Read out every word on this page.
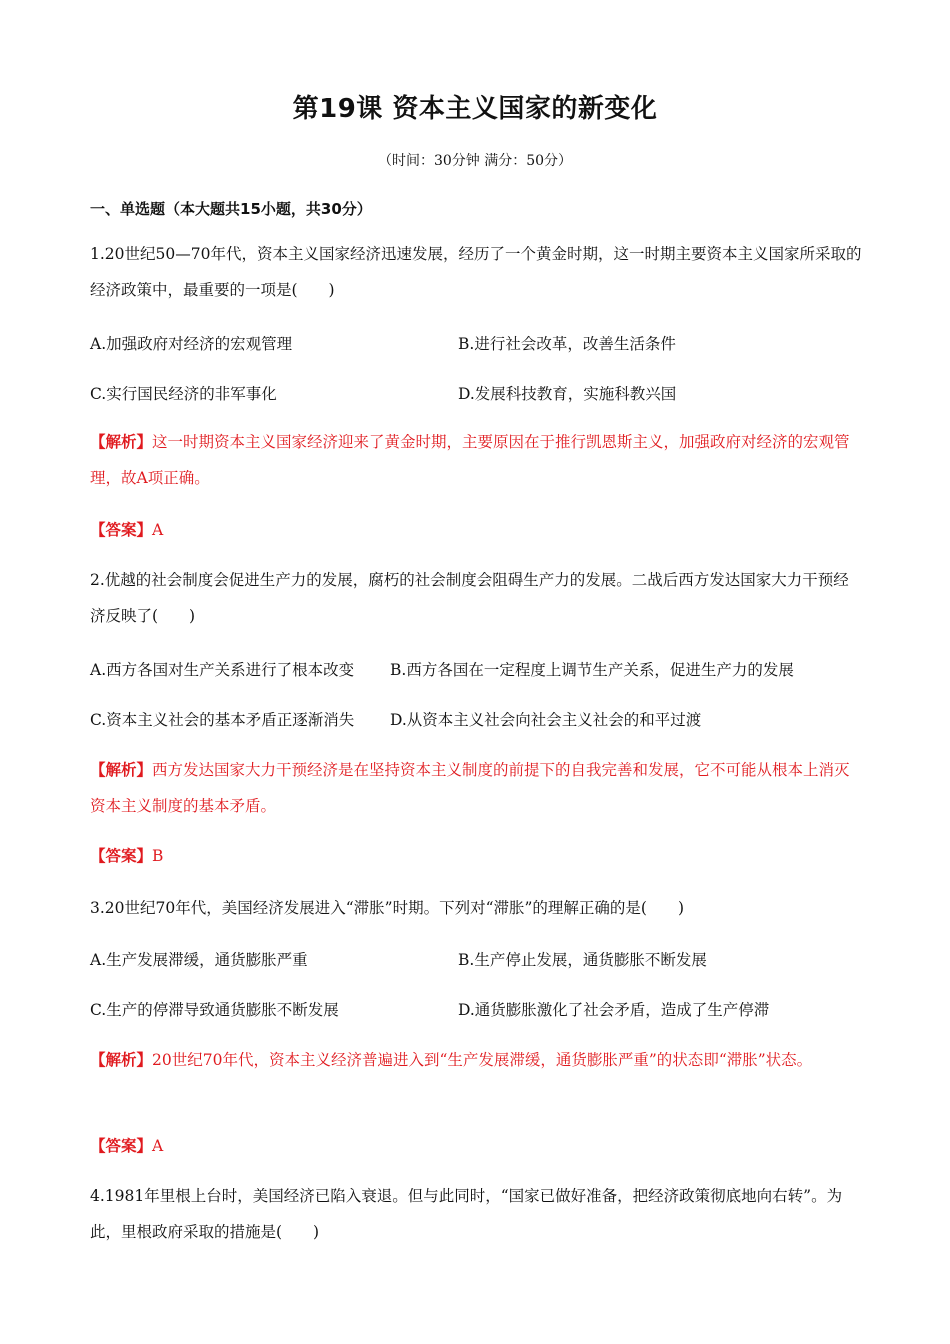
第19课 资本主义国家的新变化
（时间：30分钟 满分：50分）
一、单选题（本大题共15小题，共30分）
1.20世纪50—70年代，资本主义国家经济迅速发展，经历了一个黄金时期，这一时期主要资本主义国家所采取的经济政策中，最重要的一项是(　　)
A.加强政府对经济的宏观管理	B.进行社会改革，改善生活条件
C.实行国民经济的非军事化	D.发展科技教育，实施科教兴国
【解析】这一时期资本主义国家经济迎来了黄金时期，主要原因在于推行凯恩斯主义，加强政府对经济的宏观管理，故A项正确。
【答案】A
2.优越的社会制度会促进生产力的发展，腐朽的社会制度会阻碍生产力的发展。二战后西方发达国家大力干预经济反映了(　　)
A.西方各国对生产关系进行了根本改变 B.西方各国在一定程度上调节生产关系，促进生产力的发展
C.资本主义社会的基本矛盾正逐渐消失 D.从资本主义社会向社会主义社会的和平过渡
【解析】西方发达国家大力干预经济是在坚持资本主义制度的前提下的自我完善和发展，它不可能从根本上消灭资本主义制度的基本矛盾。
【答案】B
3.20世纪70年代，美国经济发展进入“滞胀”时期。下列对“滞胀”的理解正确的是(　　)
A.生产发展滞缓，通货膨胀严重	B.生产停止发展，通货膨胀不断发展
C.生产的停滞导致通货膨胀不断发展	D.通货膨胀激化了社会矛盾，造成了生产停滞
【解析】20世纪70年代，资本主义经济普遍进入到“生产发展滞缓，通货膨胀严重”的状态即“滞胀”状态。
【答案】A
4.1981年里根上台时，美国经济已陷入衰退。但与此同时，“国家已做好准备，把经济政策彻底地向右转”。为此，里根政府采取的措施是(　　)
